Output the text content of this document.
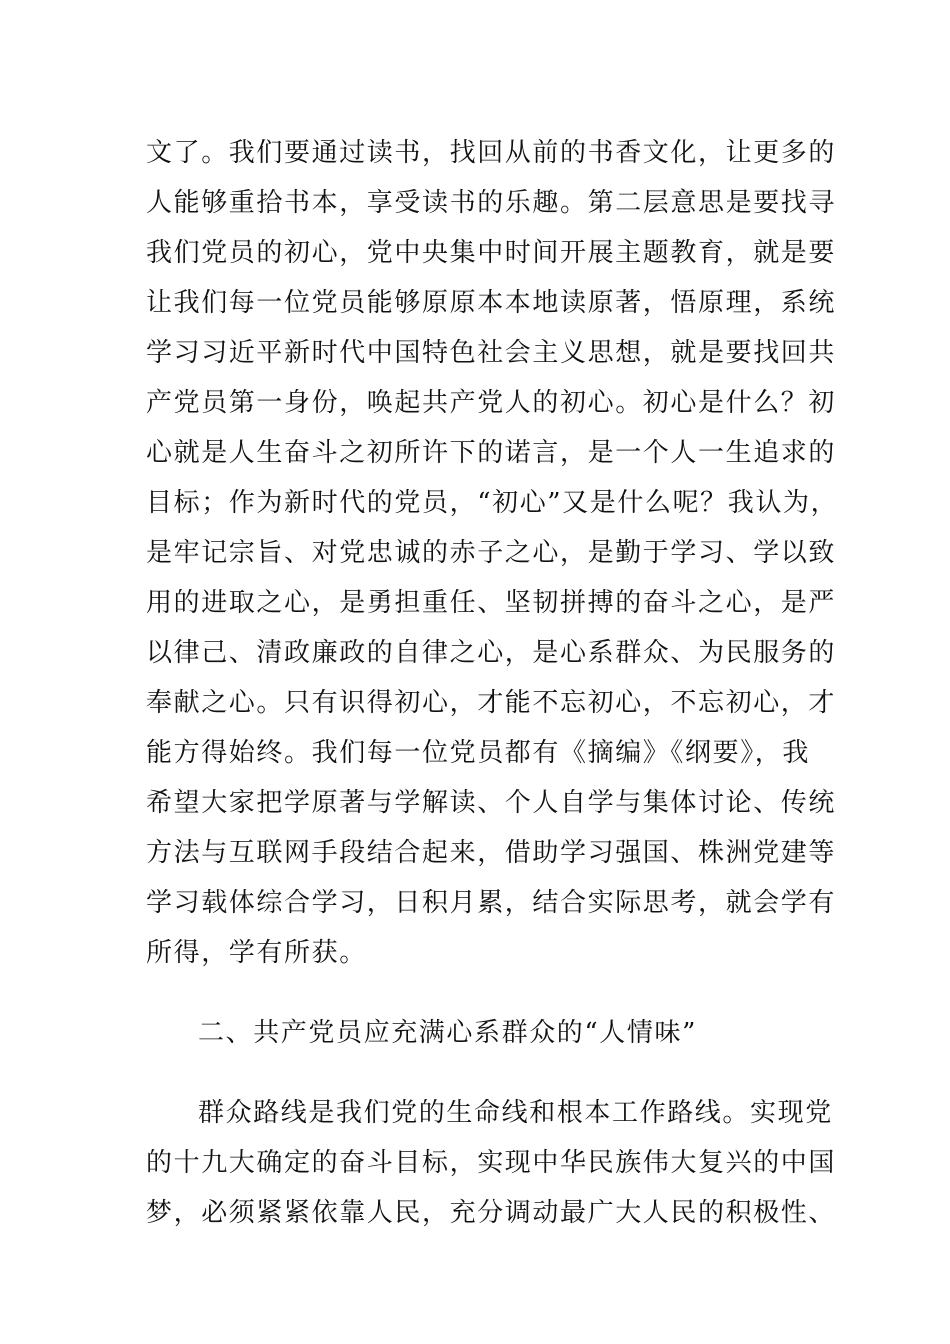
文了。我们要通过读书，找回从前的书香文化，让更多的
人能够重拾书本，享受读书的乐趣。第二层意思是要找寻
我们党员的初心，党中央集中时间开展主题教育，就是要
让我们每一位党员能够原原本本地读原著，悟原理，系统
学习习近平新时代中国特色社会主义思想，就是要找回共
产党员第一身份，唤起共产党人的初心。初心是什么？初
心就是人生奋斗之初所许下的诺言，是一个人一生追求的
目标；作为新时代的党员，“初心”又是什么呢？我认为，
是牢记宗旨、对党忠诚的赤子之心，是勤于学习、学以致
用的进取之心，是勇担重任、坚韧拼搏的奋斗之心，是严
以律己、清政廉政的自律之心，是心系群众、为民服务的
奉献之心。只有识得初心，才能不忘初心，不忘初心，才
能方得始终。我们每一位党员都有《摘编》《纲要》，我
希望大家把学原著与学解读、个人自学与集体讨论、传统
方法与互联网手段结合起来，借助学习强国、株洲党建等
学习载体综合学习，日积月累，结合实际思考，就会学有
所得，学有所获。
二、共产党员应充满心系群众的“人情味”
群众路线是我们党的生命线和根本工作路线。实现党
的十九大确定的奋斗目标，实现中华民族伟大复兴的中国
梦，必须紧紧依靠人民，充分调动最广大人民的积极性、
